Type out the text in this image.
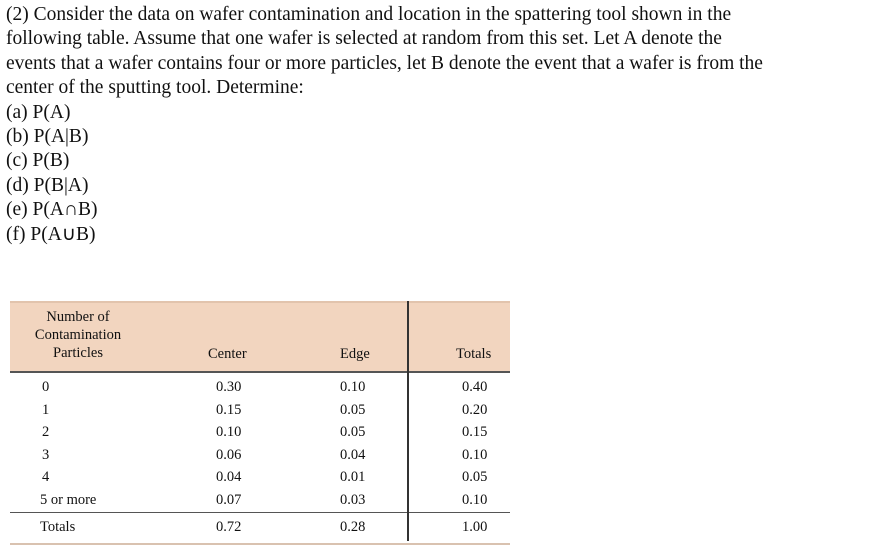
(2) Consider the data on wafer contamination and location in the spattering tool shown in the
following table. Assume that one wafer is selected at random from this set. Let A denote the
events that a wafer contains four or more particles, let B denote the event that a wafer is from the
center of the sputting tool. Determine:
(a) P(A)
(b) P(A|B)
(c) P(B)
(d) P(B|A)
(e) P(A∩B)
(f) P(A∪B)
Number of
Contamination
Particles	Center	Edge	Totals
0	0.30	0.10	0.40
1	0.15	0.05	0.20
2	0.10	0.05	0.15
3	0.06	0.04	0.10
4	0.04	0.01	0.05
5 or more	0.07	0.03	0.10
Totals	0.72	0.28	1.00
